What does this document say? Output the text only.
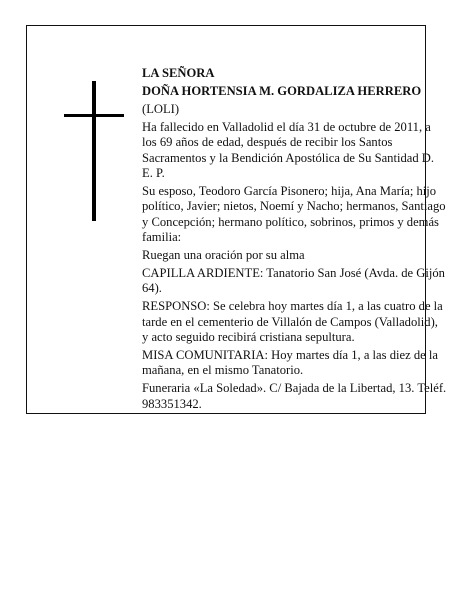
LA SEÑORA

DOÑA HORTENSIA M. GORDALIZA HERRERO

(LOLI)

Ha fallecido en Valladolid el día 31 de octubre de 2011, a los 69 años de edad, después de recibir los Santos Sacramentos y la Bendición Apostólica de Su Santidad D. E. P.

Su esposo, Teodoro García Pisonero; hija, Ana María; hijo político, Javier; nietos, Noemí y Nacho; hermanos, Santiago y Concepción; hermano político, sobrinos, primos y demás familia:

Ruegan una oración por su alma

CAPILLA ARDIENTE: Tanatorio San José (Avda. de Gijón 64).

RESPONSO: Se celebra hoy martes día 1, a las cuatro de la tarde en el cementerio de Villalón de Campos (Valladolid), y acto seguido recibirá cristiana sepultura.

MISA COMUNITARIA: Hoy martes día 1, a las diez de la mañana, en el mismo Tanatorio.

Funeraria «La Soledad». C/ Bajada de la Libertad, 13. Teléf. 983351342.
